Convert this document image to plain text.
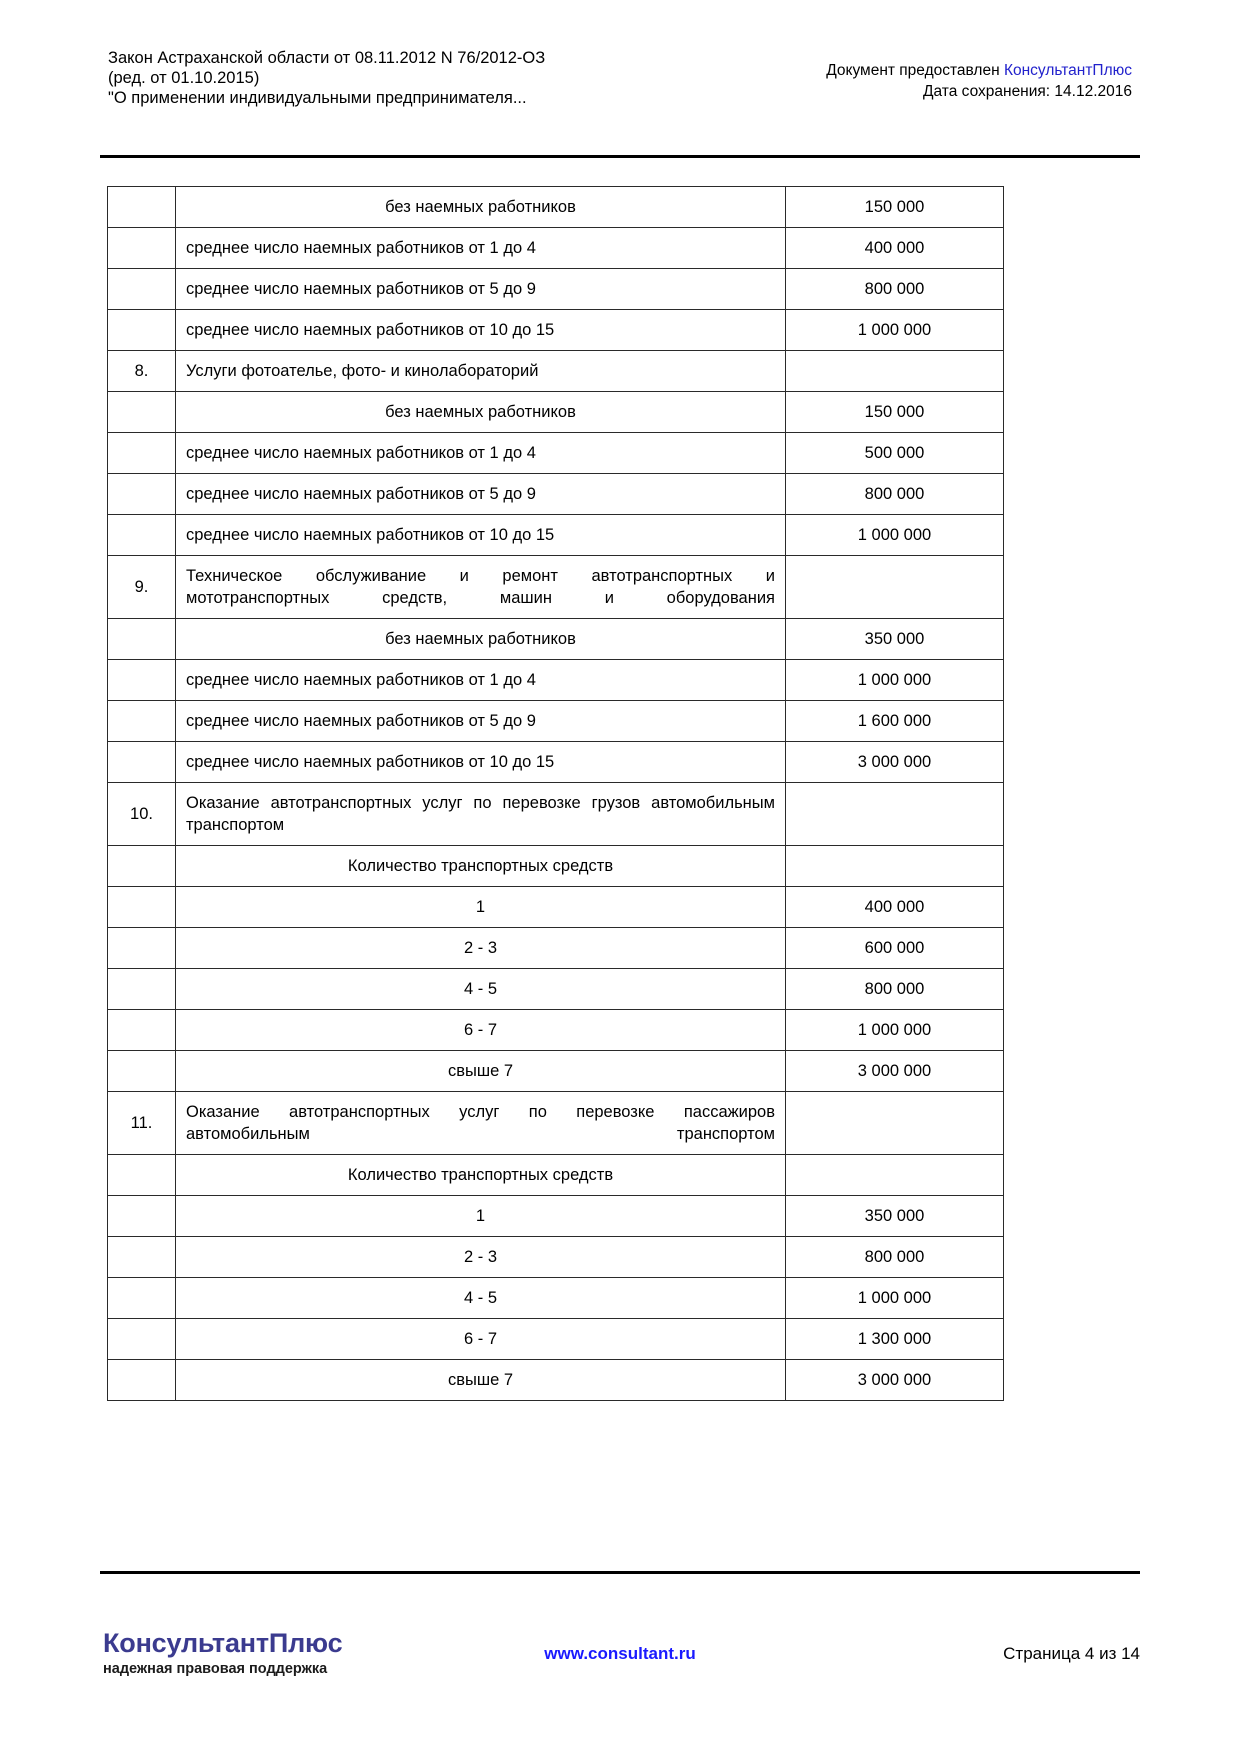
Закон Астраханской области от 08.11.2012 N 76/2012-ОЗ
(ред. от 01.10.2015)
"О применении индивидуальными предпринимателя...
Документ предоставлен КонсультантПлюс
Дата сохранения: 14.12.2016
	без наемных работников	150 000
	среднее число наемных работников от 1 до 4	400 000
	среднее число наемных работников от 5 до 9	800 000
	среднее число наемных работников от 10 до 15	1 000 000
8.	Услуги фотоателье, фото- и кинолабораторий	
	без наемных работников	150 000
	среднее число наемных работников от 1 до 4	500 000
	среднее число наемных работников от 5 до 9	800 000
	среднее число наемных работников от 10 до 15	1 000 000
9.	Техническое обслуживание и ремонт автотранспортных и мототранспортных средств, машин и оборудования	
	без наемных работников	350 000
	среднее число наемных работников от 1 до 4	1 000 000
	среднее число наемных работников от 5 до 9	1 600 000
	среднее число наемных работников от 10 до 15	3 000 000
10.	Оказание автотранспортных услуг по перевозке грузов автомобильным транспортом	
	Количество транспортных средств	
	1	400 000
	2 - 3	600 000
	4 - 5	800 000
	6 - 7	1 000 000
	свыше 7	3 000 000
11.	Оказание автотранспортных услуг по перевозке пассажиров автомобильным транспортом	
	Количество транспортных средств	
	1	350 000
	2 - 3	800 000
	4 - 5	1 000 000
	6 - 7	1 300 000
	свыше 7	3 000 000
КонсультантПлюс
надежная правовая поддержка
www.consultant.ru	Страница 4 из 14
